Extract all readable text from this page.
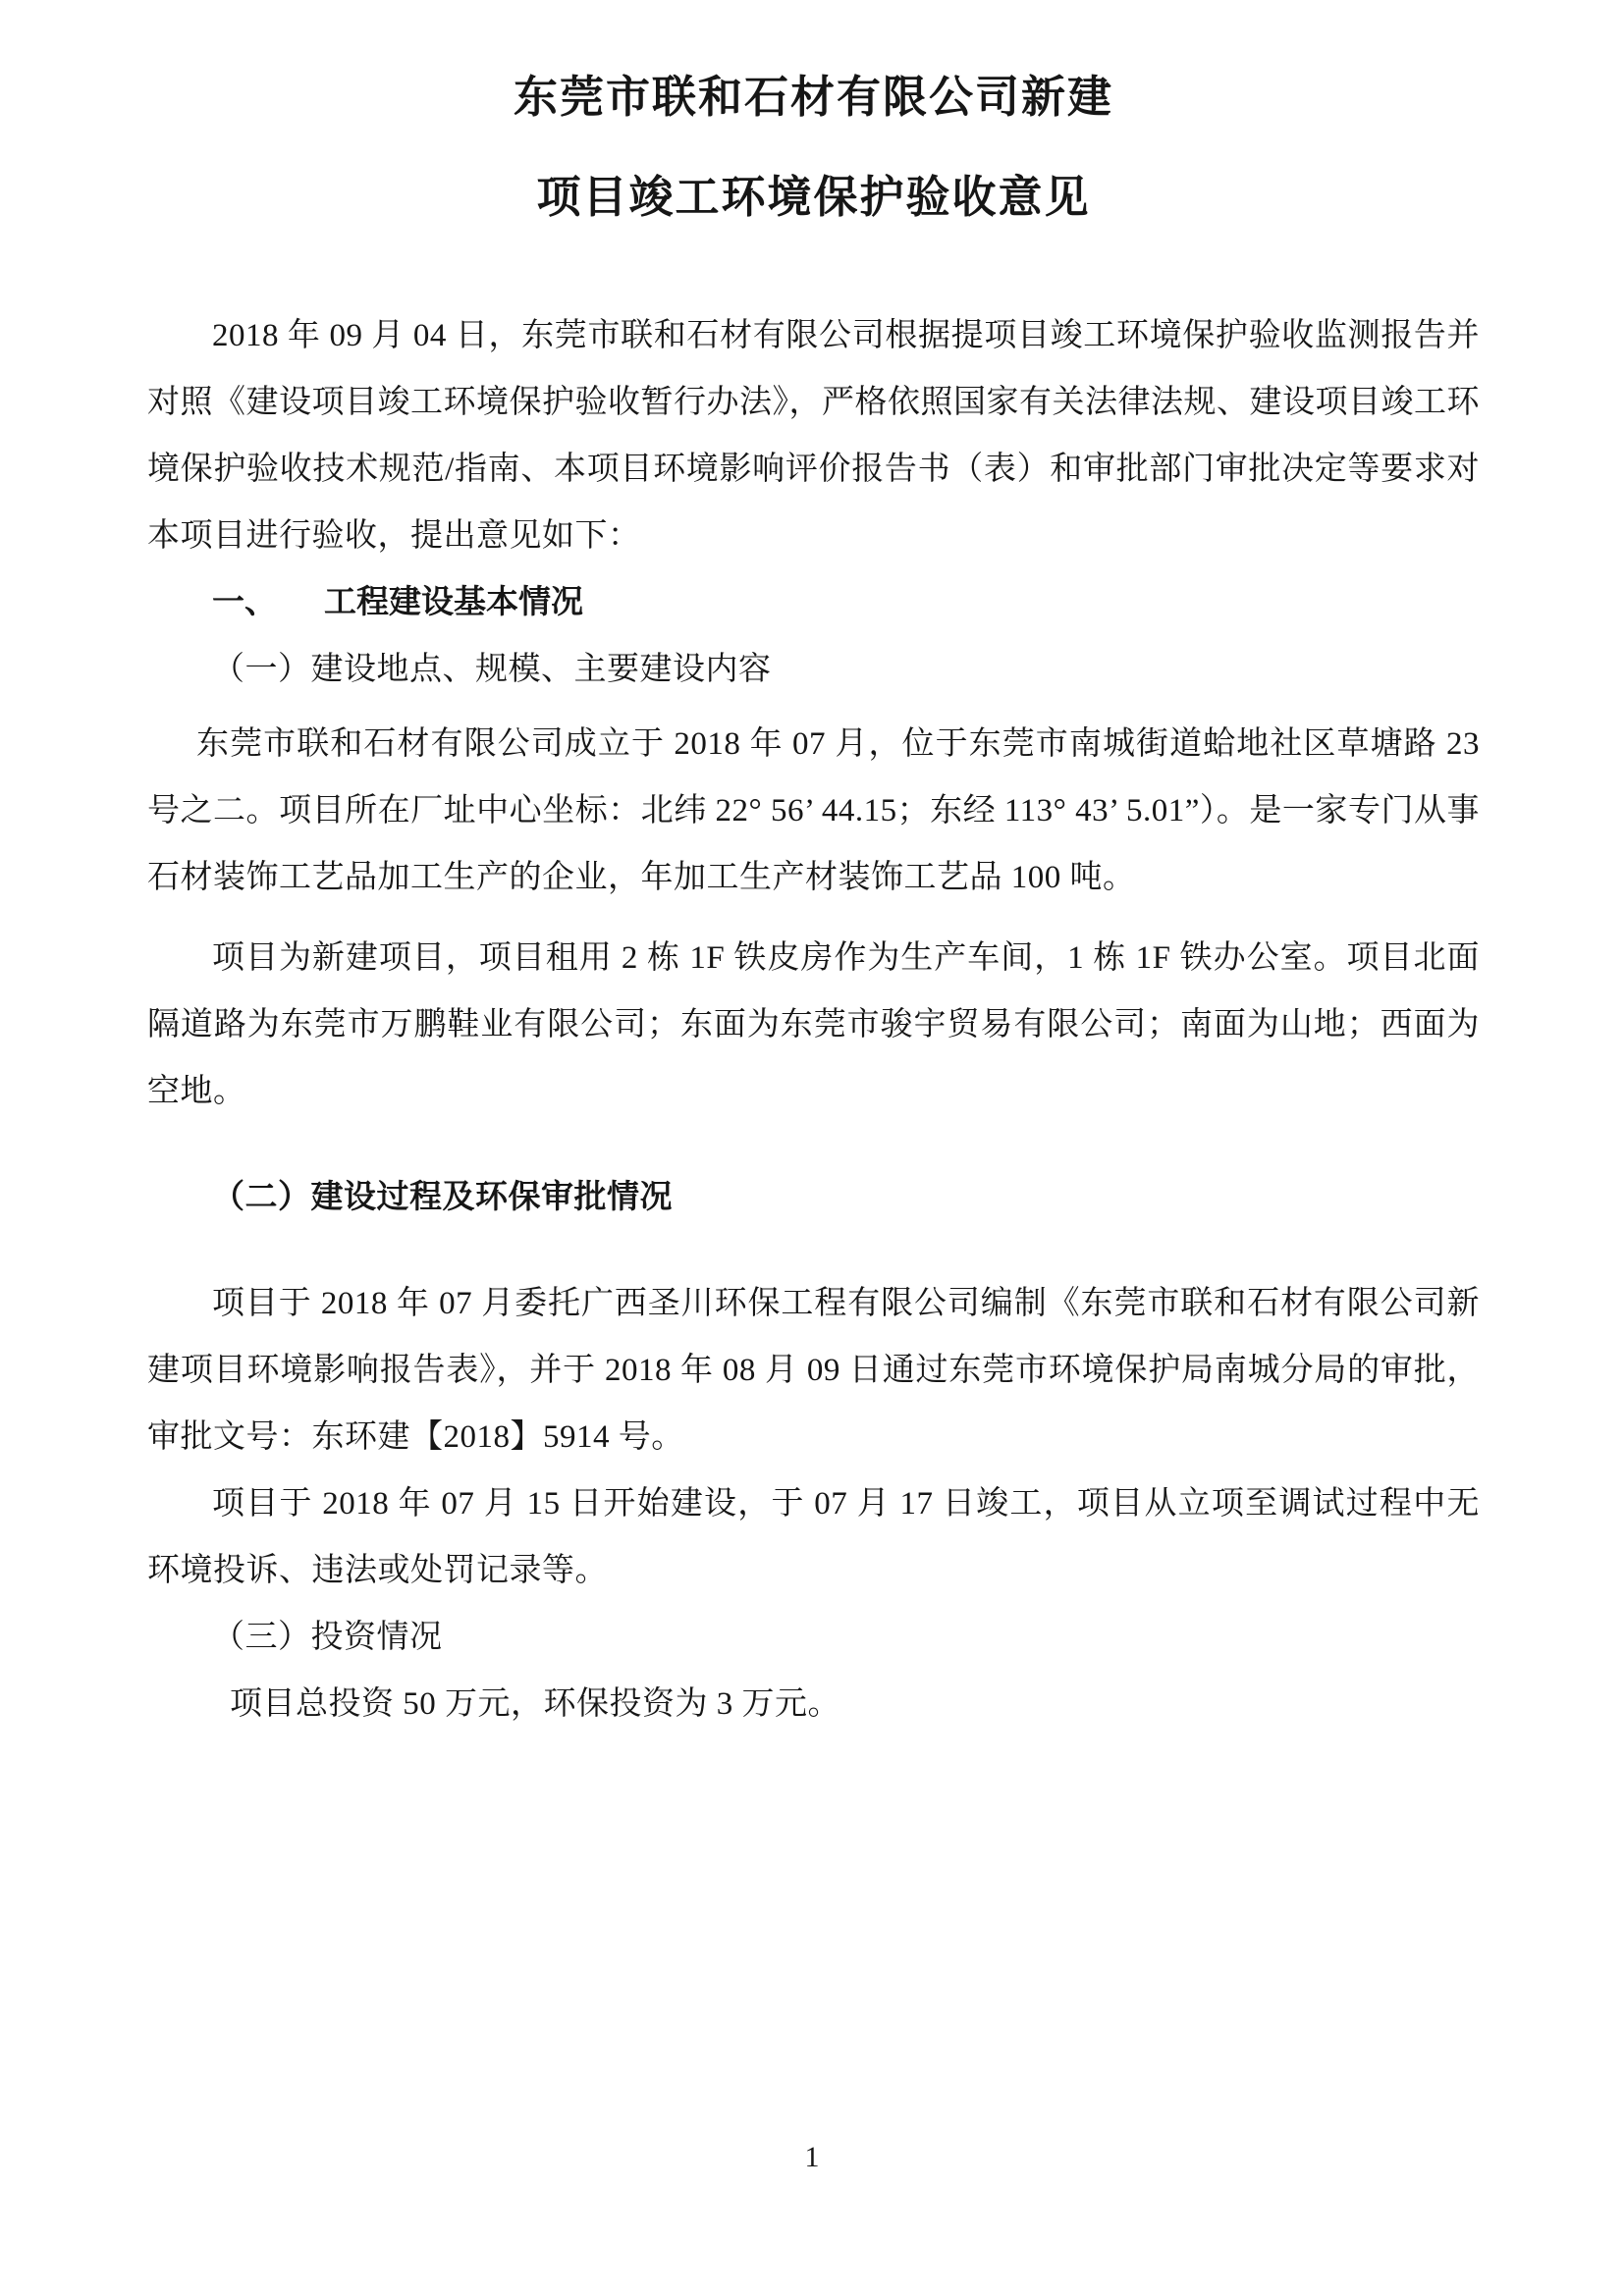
东莞市联和石材有限公司新建
项目竣工环境保护验收意见

2018 年 09 月 04 日，东莞市联和石材有限公司根据提项目竣工环境保护验收监测报告并对照《建设项目竣工环境保护验收暂行办法》，严格依照国家有关法律法规、建设项目竣工环境保护验收技术规范/指南、本项目环境影响评价报告书（表）和审批部门审批决定等要求对本项目进行验收，提出意见如下：

一、 工程建设基本情况

（一）建设地点、规模、主要建设内容

东莞市联和石材有限公司成立于 2018 年 07 月，位于东莞市南城街道蛤地社区草塘路 23 号之二。项目所在厂址中心坐标：北纬 22° 56’ 44.15；东经 113° 43’ 5.01”）。是一家专门从事石材装饰工艺品加工生产的企业，年加工生产材装饰工艺品 100 吨。

项目为新建项目，项目租用 2 栋 1F 铁皮房作为生产车间，1 栋 1F 铁办公室。项目北面隔道路为东莞市万鹏鞋业有限公司；东面为东莞市骏宇贸易有限公司；南面为山地；西面为空地。

（二）建设过程及环保审批情况

项目于 2018 年 07 月委托广西圣川环保工程有限公司编制《东莞市联和石材有限公司新建项目环境影响报告表》，并于 2018 年 08 月 09 日通过东莞市环境保护局南城分局的审批，审批文号：东环建【2018】5914 号。

项目于 2018 年 07 月 15 日开始建设，于 07 月 17 日竣工，项目从立项至调试过程中无环境投诉、违法或处罚记录等。

（三）投资情况

项目总投资 50 万元，环保投资为 3 万元。

1
